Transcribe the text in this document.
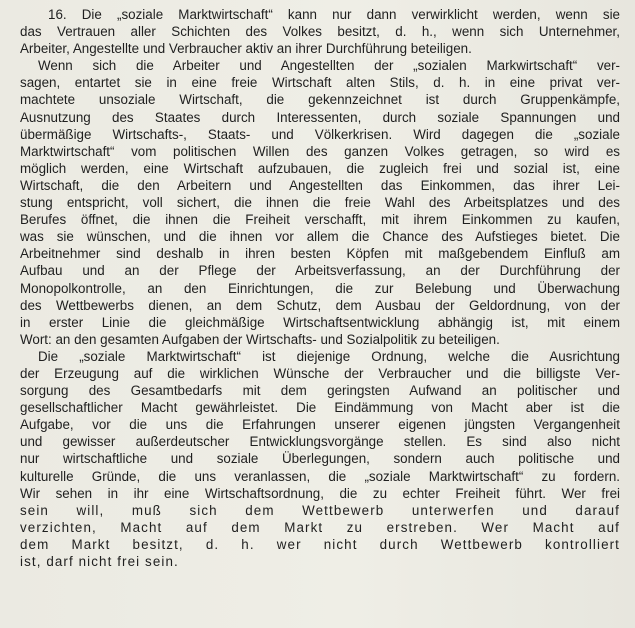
16. Die „soziale Marktwirtschaft“ kann nur dann verwirklicht werden, wenn sie
das Vertrauen aller Schichten des Volkes besitzt, d. h., wenn sich Unternehmer,
Arbeiter, Angestellte und Verbraucher aktiv an ihrer Durchführung beteiligen.
Wenn sich die Arbeiter und Angestellten der „sozialen Markwirtschaft“ ver-
sagen, entartet sie in eine freie Wirtschaft alten Stils, d. h. in eine privat ver-
machtete unsoziale Wirtschaft, die gekennzeichnet ist durch Gruppenkämpfe,
Ausnutzung des Staates durch Interessenten, durch soziale Spannungen und
übermäßige Wirtschafts-, Staats- und Völkerkrisen. Wird dagegen die „soziale
Marktwirtschaft“ vom politischen Willen des ganzen Volkes getragen, so wird es
möglich werden, eine Wirtschaft aufzubauen, die zugleich frei und sozial ist, eine
Wirtschaft, die den Arbeitern und Angestellten das Einkommen, das ihrer Lei-
stung entspricht, voll sichert, die ihnen die freie Wahl des Arbeitsplatzes und des
Berufes öffnet, die ihnen die Freiheit verschafft, mit ihrem Einkommen zu kaufen,
was sie wünschen, und die ihnen vor allem die Chance des Aufstieges bietet. Die
Arbeitnehmer sind deshalb in ihren besten Köpfen mit maßgebendem Einfluß am
Aufbau und an der Pflege der Arbeitsverfassung, an der Durchführung der
Monopolkontrolle, an den Einrichtungen, die zur Belebung und Überwachung
des Wettbewerbs dienen, an dem Schutz, dem Ausbau der Geldordnung, von der
in erster Linie die gleichmäßige Wirtschaftsentwicklung abhängig ist, mit einem
Wort: an den gesamten Aufgaben der Wirtschafts- und Sozialpolitik zu beteiligen.
Die „soziale Marktwirtschaft“ ist diejenige Ordnung, welche die Ausrichtung
der Erzeugung auf die wirklichen Wünsche der Verbraucher und die billigste Ver-
sorgung des Gesamtbedarfs mit dem geringsten Aufwand an politischer und
gesellschaftlicher Macht gewährleistet. Die Eindämmung von Macht aber ist die
Aufgabe, vor die uns die Erfahrungen unserer eigenen jüngsten Vergangenheit
und gewisser außerdeutscher Entwicklungsvorgänge stellen. Es sind also nicht
nur wirtschaftliche und soziale Überlegungen, sondern auch politische und
kulturelle Gründe, die uns veranlassen, die „soziale Marktwirtschaft“ zu fordern.
Wir sehen in ihr eine Wirtschaftsordnung, die zu echter Freiheit führt. Wer frei
sein will, muß sich dem Wettbewerb unterwerfen und darauf
verzichten, Macht auf dem Markt zu erstreben. Wer Macht auf
dem Markt besitzt, d. h. wer nicht durch Wettbewerb kontrolliert
ist, darf nicht frei sein.
